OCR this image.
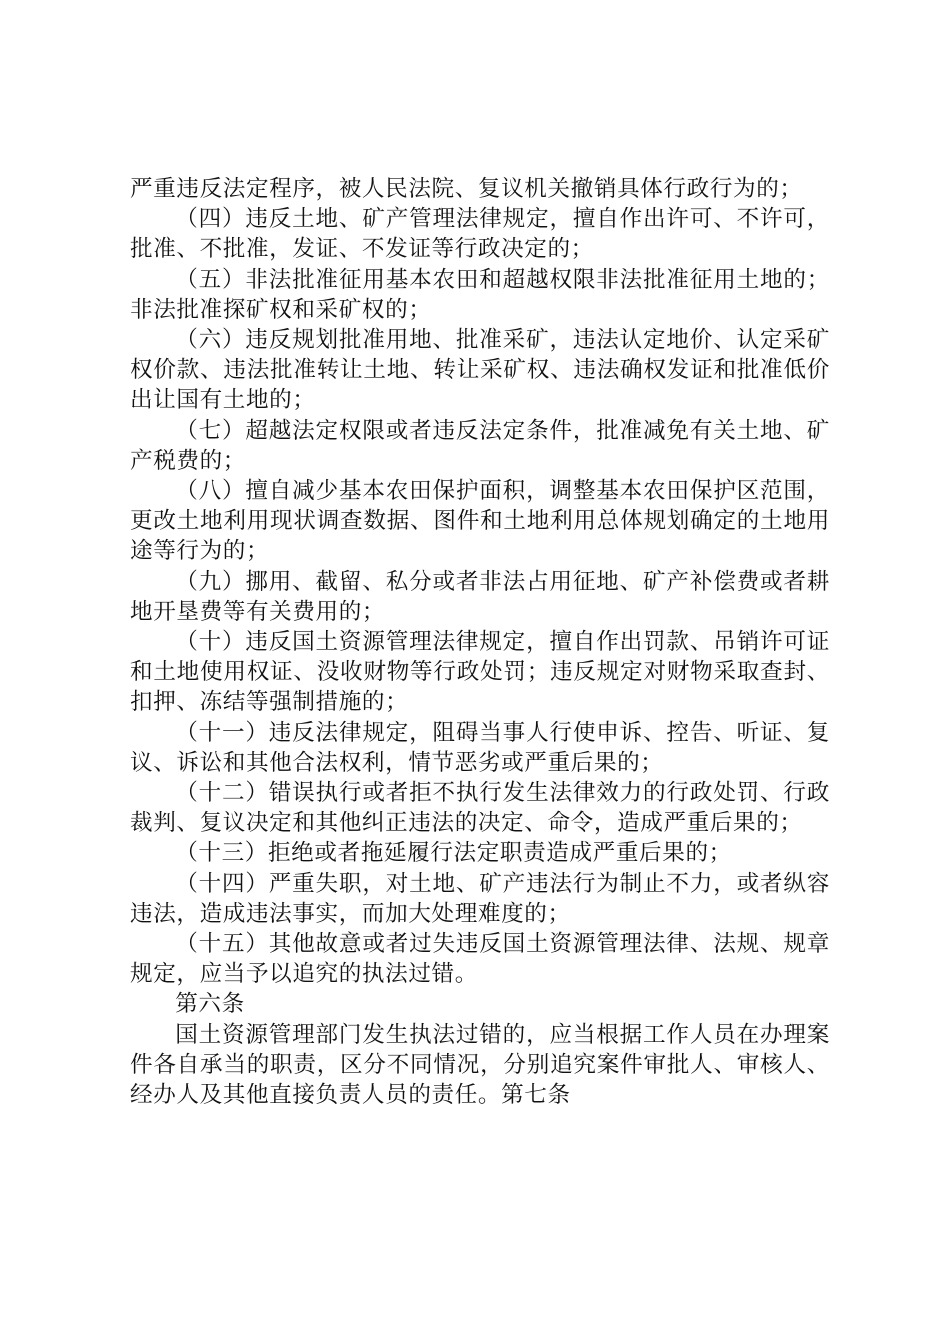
严重违反法定程序，被人民法院、复议机关撤销具体行政行为的；

（四）违反土地、矿产管理法律规定，擅自作出许可、不许可，批准、不批准，发证、不发证等行政决定的；

（五）非法批准征用基本农田和超越权限非法批准征用土地的；非法批准探矿权和采矿权的；

（六）违反规划批准用地、批准采矿，违法认定地价、认定采矿权价款、违法批准转让土地、转让采矿权、违法确权发证和批准低价出让国有土地的；

（七）超越法定权限或者违反法定条件，批准减免有关土地、矿产税费的；

（八）擅自减少基本农田保护面积，调整基本农田保护区范围，更改土地利用现状调查数据、图件和土地利用总体规划确定的土地用途等行为的；

（九）挪用、截留、私分或者非法占用征地、矿产补偿费或者耕地开垦费等有关费用的；

（十）违反国土资源管理法律规定，擅自作出罚款、吊销许可证和土地使用权证、没收财物等行政处罚；违反规定对财物采取查封、扣押、冻结等强制措施的；

（十一）违反法律规定，阻碍当事人行使申诉、控告、听证、复议、诉讼和其他合法权利，情节恶劣或严重后果的；

（十二）错误执行或者拒不执行发生法律效力的行政处罚、行政裁判、复议决定和其他纠正违法的决定、命令，造成严重后果的；

（十三）拒绝或者拖延履行法定职责造成严重后果的；

（十四）严重失职，对土地、矿产违法行为制止不力，或者纵容违法，造成违法事实，而加大处理难度的；

（十五）其他故意或者过失违反国土资源管理法律、法规、规章规定，应当予以追究的执法过错。

第六条

国土资源管理部门发生执法过错的，应当根据工作人员在办理案件各自承当的职责，区分不同情况，分别追究案件审批人、审核人、经办人及其他直接负责人员的责任。第七条
